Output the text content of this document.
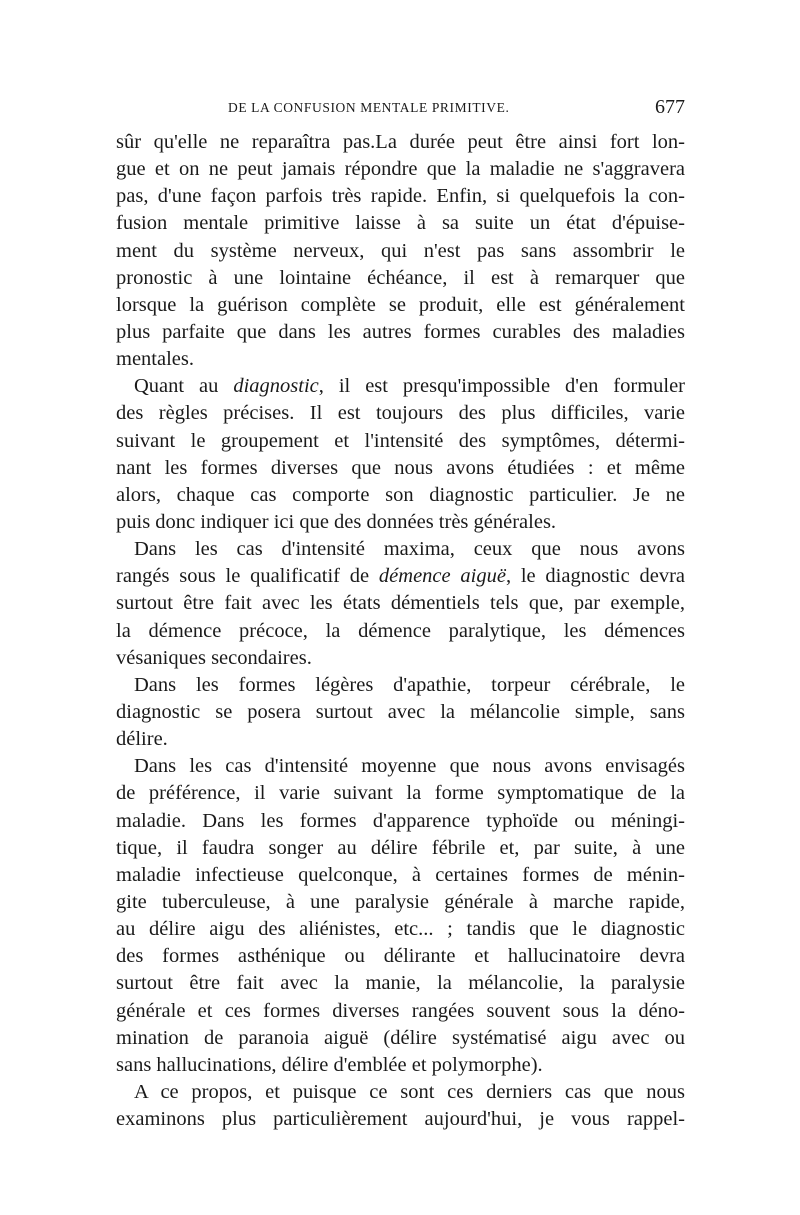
DE LA CONFUSION MENTALE PRIMITIVE.	677
sûr qu'elle ne reparaîtra pas.La durée peut être ainsi fort lon-
gue et on ne peut jamais répondre que la maladie ne s'aggravera
pas, d'une façon parfois très rapide. Enfin, si quelquefois la con-
fusion mentale primitive laisse à sa suite un état d'épuise-
ment du système nerveux, qui n'est pas sans assombrir le
pronostic à une lointaine échéance, il est à remarquer que
lorsque la guérison complète se produit, elle est généralement
plus parfaite que dans les autres formes curables des maladies
mentales.
Quant au diagnostic, il est presqu'impossible d'en formuler
des règles précises. Il est toujours des plus difficiles, varie
suivant le groupement et l'intensité des symptômes, détermi-
nant les formes diverses que nous avons étudiées : et même
alors, chaque cas comporte son diagnostic particulier. Je ne
puis donc indiquer ici que des données très générales.
Dans les cas d'intensité maxima, ceux que nous avons
rangés sous le qualificatif de démence aiguë, le diagnostic devra
surtout être fait avec les états démentiels tels que, par exemple,
la démence précoce, la démence paralytique, les démences
vésaniques secondaires.
Dans les formes légères d'apathie, torpeur cérébrale, le
diagnostic se posera surtout avec la mélancolie simple, sans
délire.
Dans les cas d'intensité moyenne que nous avons envisagés
de préférence, il varie suivant la forme symptomatique de la
maladie. Dans les formes d'apparence typhoïde ou méningi-
tique, il faudra songer au délire fébrile et, par suite, à une
maladie infectieuse quelconque, à certaines formes de ménin-
gite tuberculeuse, à une paralysie générale à marche rapide,
au délire aigu des aliénistes, etc... ; tandis que le diagnostic
des formes asthénique ou délirante et hallucinatoire devra
surtout être fait avec la manie, la mélancolie, la paralysie
générale et ces formes diverses rangées souvent sous la déno-
mination de paranoia aiguë (délire systématisé aigu avec ou
sans hallucinations, délire d'emblée et polymorphe).
A ce propos, et puisque ce sont ces derniers cas que nous
examinons plus particulièrement aujourd'hui, je vous rappel-
